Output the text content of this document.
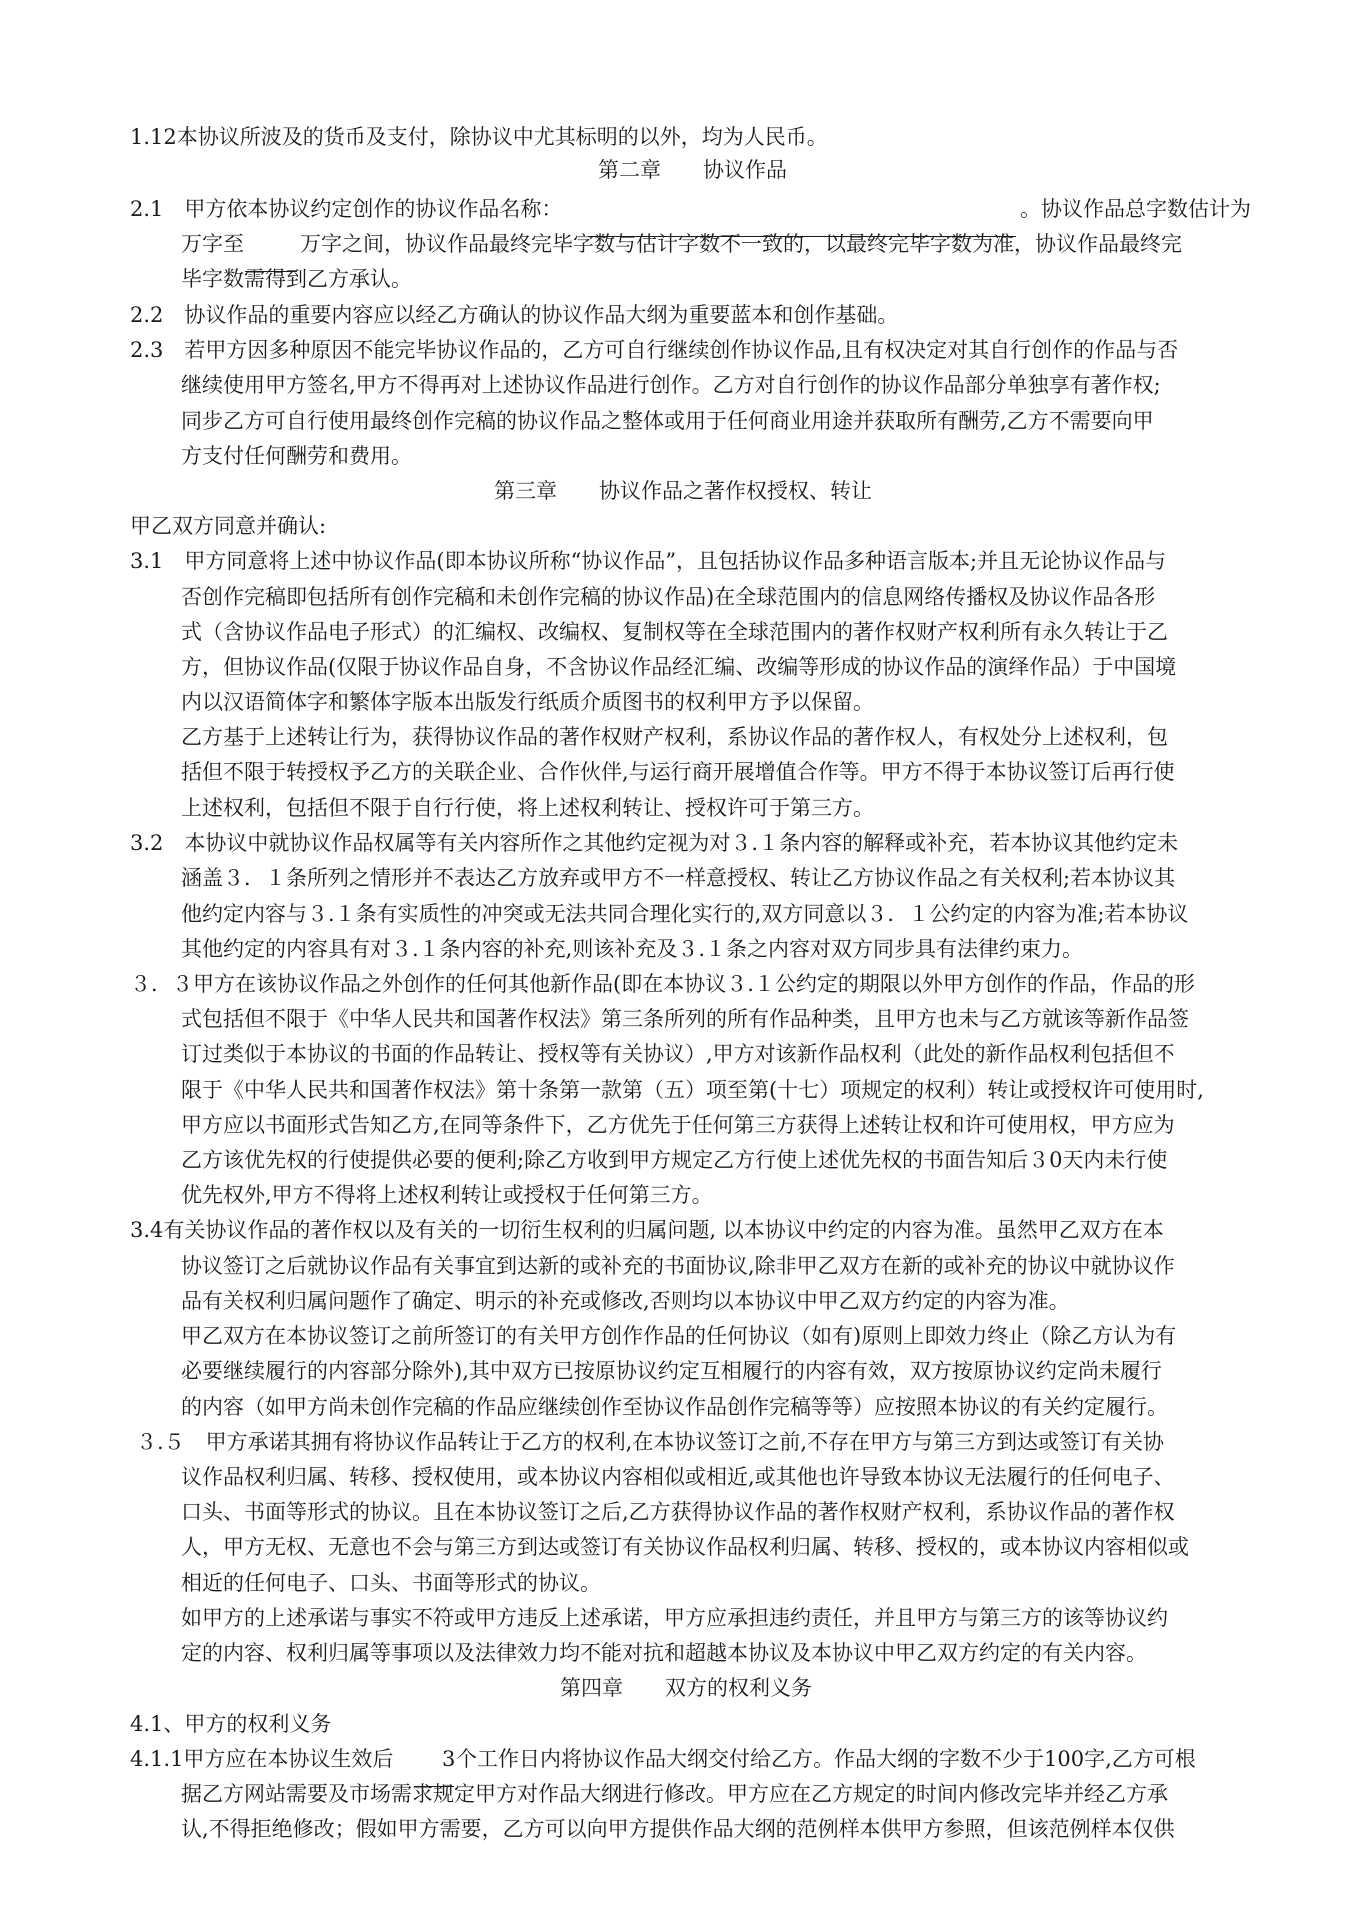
1.12本协议所波及的货币及支付，除协议中尤其标明的以外，均为人民币。
第二章　　协议作品
2.1　甲方依本协议约定创作的协议作品名称：	。协议作品总字数估计为
万字至	万字之间，协议作品最终完毕字数与估计字数不一致的，以最终完毕字数为准，协议作品最终完
毕字数需得到乙方承认。
2.2　协议作品的重要内容应以经乙方确认的协议作品大纲为重要蓝本和创作基础。
2.3　若甲方因多种原因不能完毕协议作品的，乙方可自行继续创作协议作品,且有权决定对其自行创作的作品与否
继续使用甲方签名,甲方不得再对上述协议作品进行创作。乙方对自行创作的协议作品部分单独享有著作权;
同步乙方可自行使用最终创作完稿的协议作品之整体或用于任何商业用途并获取所有酬劳,乙方不需要向甲
方支付任何酬劳和费用。
第三章　　协议作品之著作权授权、转让
甲乙双方同意并确认:
3.1　甲方同意将上述中协议作品(即本协议所称“协议作品”，且包括协议作品多种语言版本;并且无论协议作品与
否创作完稿即包括所有创作完稿和未创作完稿的协议作品)在全球范围内的信息网络传播权及协议作品各形
式（含协议作品电子形式）的汇编权、改编权、复制权等在全球范围内的著作权财产权利所有永久转让于乙
方，但协议作品(仅限于协议作品自身，不含协议作品经汇编、改编等形成的协议作品的演绎作品）于中国境
内以汉语简体字和繁体字版本出版发行纸质介质图书的权利甲方予以保留。
乙方基于上述转让行为，获得协议作品的著作权财产权利，系协议作品的著作权人，有权处分上述权利，包
括但不限于转授权予乙方的关联企业、合作伙伴,与运行商开展增值合作等。甲方不得于本协议签订后再行使
上述权利，包括但不限于自行行使，将上述权利转让、授权许可于第三方。
3.2　本协议中就协议作品权属等有关内容所作之其他约定视为对３.１条内容的解释或补充，若本协议其他约定未
涵盖３．１条所列之情形并不表达乙方放弃或甲方不一样意授权、转让乙方协议作品之有关权利;若本协议其
他约定内容与３.１条有实质性的冲突或无法共同合理化实行的,双方同意以３．１公约定的内容为准;若本协议
其他约定的内容具有对３.１条内容的补充,则该补充及３.１条之内容对双方同步具有法律约束力。
３．３甲方在该协议作品之外创作的任何其他新作品(即在本协议３.１公约定的期限以外甲方创作的作品，作品的形
式包括但不限于《中华人民共和国著作权法》第三条所列的所有作品种类，且甲方也未与乙方就该等新作品签
订过类似于本协议的书面的作品转让、授权等有关协议）,甲方对该新作品权利（此处的新作品权利包括但不
限于《中华人民共和国著作权法》第十条第一款第（五）项至第(十七）项规定的权利）转让或授权许可使用时,
甲方应以书面形式告知乙方,在同等条件下，乙方优先于任何第三方获得上述转让权和许可使用权，甲方应为
乙方该优先权的行使提供必要的便利;除乙方收到甲方规定乙方行使上述优先权的书面告知后３0天内未行使
优先权外,甲方不得将上述权利转让或授权于任何第三方。
3.4有关协议作品的著作权以及有关的一切衍生权利的归属问题, 以本协议中约定的内容为准。虽然甲乙双方在本
协议签订之后就协议作品有关事宜到达新的或补充的书面协议,除非甲乙双方在新的或补充的协议中就协议作
品有关权利归属问题作了确定、明示的补充或修改,否则均以本协议中甲乙双方约定的内容为准。
甲乙双方在本协议签订之前所签订的有关甲方创作作品的任何协议（如有)原则上即效力终止（除乙方认为有
必要继续履行的内容部分除外),其中双方已按原协议约定互相履行的内容有效，双方按原协议约定尚未履行
的内容（如甲方尚未创作完稿的作品应继续创作至协议作品创作完稿等等）应按照本协议的有关约定履行。
３.５　甲方承诺其拥有将协议作品转让于乙方的权利,在本协议签订之前,不存在甲方与第三方到达或签订有关协
议作品权利归属、转移、授权使用，或本协议内容相似或相近,或其他也许导致本协议无法履行的任何电子、
口头、书面等形式的协议。且在本协议签订之后,乙方获得协议作品的著作权财产权利，系协议作品的著作权
人，甲方无权、无意也不会与第三方到达或签订有关协议作品权利归属、转移、授权的，或本协议内容相似或
相近的任何电子、口头、书面等形式的协议。
如甲方的上述承诺与事实不符或甲方违反上述承诺，甲方应承担违约责任，并且甲方与第三方的该等协议约
定的内容、权利归属等事项以及法律效力均不能对抗和超越本协议及本协议中甲乙双方约定的有关内容。
第四章　　双方的权利义务
4.1、甲方的权利义务
4.1.1甲方应在本协议生效后 3 个工作日内将协议作品大纲交付给乙方。作品大纲的字数不少于100字,乙方可根
据乙方网站需要及市场需求规定甲方对作品大纲进行修改。甲方应在乙方规定的时间内修改完毕并经乙方承
认,不得拒绝修改；假如甲方需要，乙方可以向甲方提供作品大纲的范例样本供甲方参照，但该范例样本仅供
